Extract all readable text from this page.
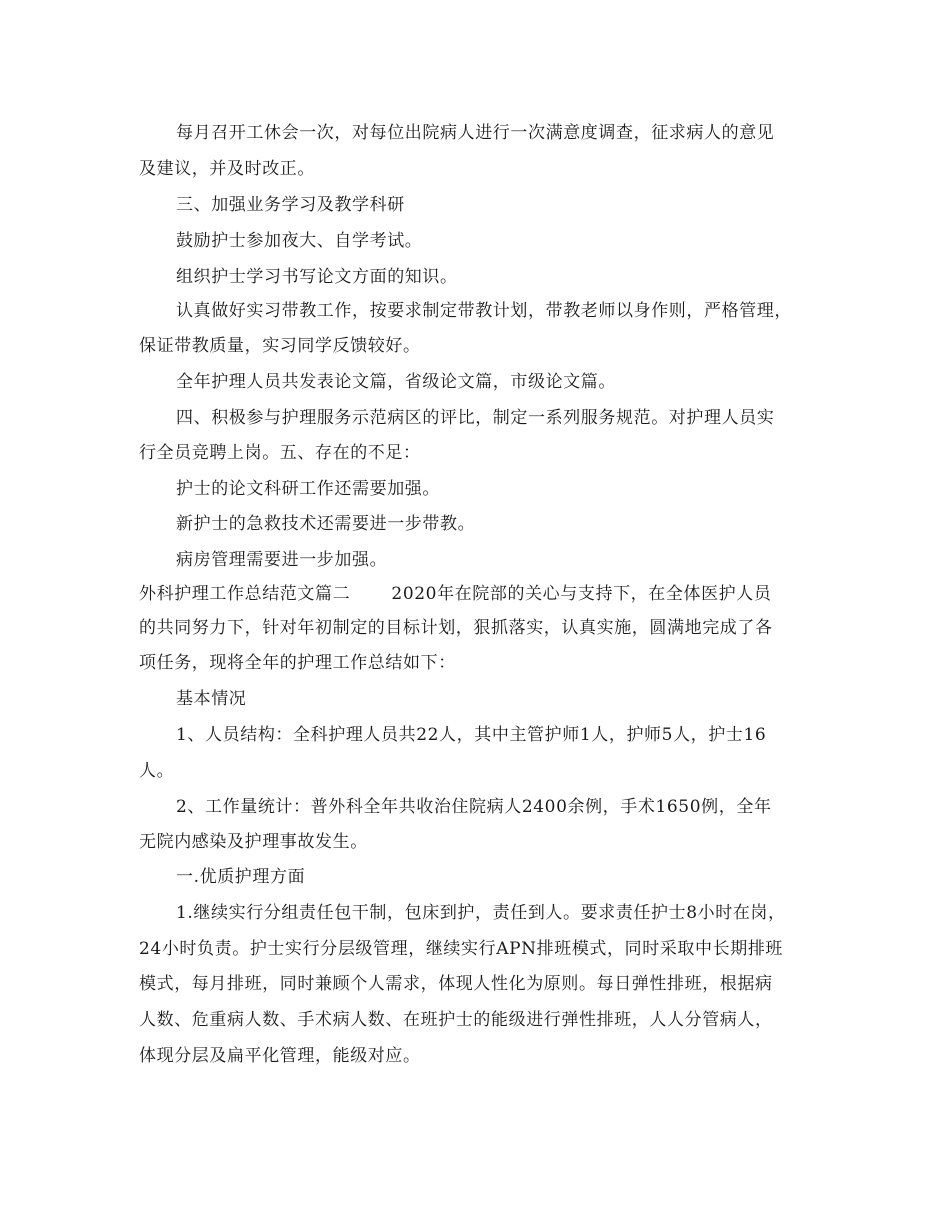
每月召开工休会一次，对每位出院病人进行一次满意度调查，征求病人的意见
及建议，并及时改正。
三、加强业务学习及教学科研
鼓励护士参加夜大、自学考试。
组织护士学习书写论文方面的知识。
认真做好实习带教工作，按要求制定带教计划，带教老师以身作则，严格管理，
保证带教质量，实习同学反馈较好。
全年护理人员共发表论文篇，省级论文篇，市级论文篇。
四、积极参与护理服务示范病区的评比，制定一系列服务规范。对护理人员实
行全员竞聘上岗。五、存在的不足：
护士的论文科研工作还需要加强。
新护士的急救技术还需要进一步带教。
病房管理需要进一步加强。
外科护理工作总结范文篇二　　 2020年在院部的关心与支持下，在全体医护人员
的共同努力下，针对年初制定的目标计划，狠抓落实，认真实施，圆满地完成了各
项任务，现将全年的护理工作总结如下：
基本情况
1、人员结构：全科护理人员共22人，其中主管护师1人，护师5人，护士16
人。
2、工作量统计：普外科全年共收治住院病人2400余例，手术1650例，全年
无院内感染及护理事故发生。
一.优质护理方面
1.继续实行分组责任包干制，包床到护，责任到人。要求责任护士8小时在岗，
24小时负责。护士实行分层级管理，继续实行APN排班模式，同时采取中长期排班
模式，每月排班，同时兼顾个人需求，体现人性化为原则。每日弹性排班，根据病
人数、危重病人数、手术病人数、在班护士的能级进行弹性排班，人人分管病人，
体现分层及扁平化管理，能级对应。
